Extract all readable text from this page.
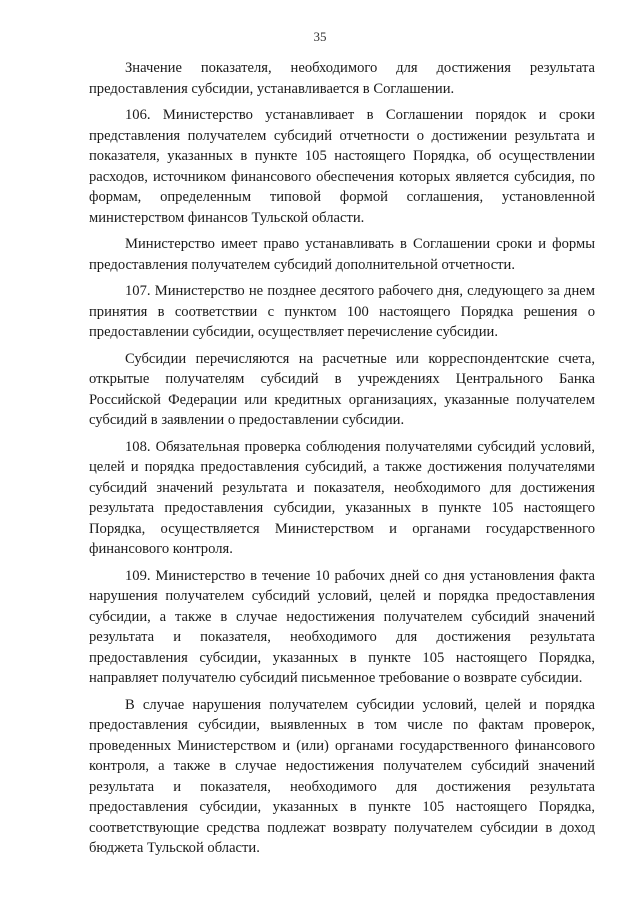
35

Значение показателя, необходимого для достижения результата предоставления субсидии, устанавливается в Соглашении.

106. Министерство устанавливает в Соглашении порядок и сроки представления получателем субсидий отчетности о достижении результата и показателя, указанных в пункте 105 настоящего Порядка, об осуществлении расходов, источником финансового обеспечения которых является субсидия, по формам, определенным типовой формой соглашения, установленной министерством финансов Тульской области.

Министерство имеет право устанавливать в Соглашении сроки и формы предоставления получателем субсидий дополнительной отчетности.

107. Министерство не позднее десятого рабочего дня, следующего за днем принятия в соответствии с пунктом 100 настоящего Порядка решения о предоставлении субсидии, осуществляет перечисление субсидии.

Субсидии перечисляются на расчетные или корреспондентские счета, открытые получателям субсидий в учреждениях Центрального Банка Российской Федерации или кредитных организациях, указанные получателем субсидий в заявлении о предоставлении субсидии.

108. Обязательная проверка соблюдения получателями субсидий условий, целей и порядка предоставления субсидий, а также достижения получателями субсидий значений результата и показателя, необходимого для достижения результата предоставления субсидии, указанных в пункте 105 настоящего Порядка, осуществляется Министерством и органами государственного финансового контроля.

109. Министерство в течение 10 рабочих дней со дня установления факта нарушения получателем субсидий условий, целей и порядка предоставления субсидии, а также в случае недостижения получателем субсидий значений результата и показателя, необходимого для достижения результата предоставления субсидии, указанных в пункте 105 настоящего Порядка, направляет получателю субсидий письменное требование о возврате субсидии.

В случае нарушения получателем субсидии условий, целей и порядка предоставления субсидии, выявленных в том числе по фактам проверок, проведенных Министерством и (или) органами государственного финансового контроля, а также в случае недостижения получателем субсидий значений результата и показателя, необходимого для достижения результата предоставления субсидии, указанных в пункте 105 настоящего Порядка, соответствующие средства подлежат возврату получателем субсидии в доход бюджета Тульской области.
